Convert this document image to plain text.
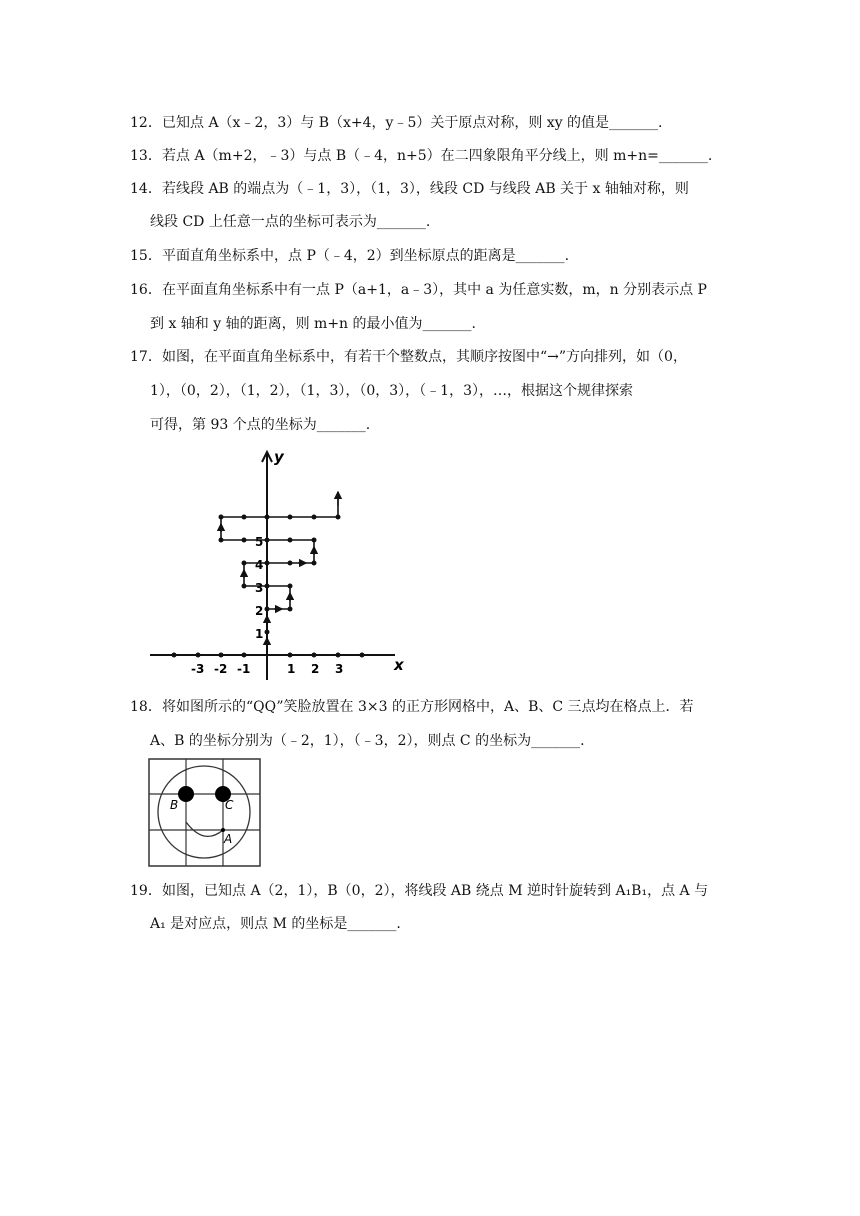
12． 已知点 A（x﹣2，3）与 B（x+4，y﹣5）关于原点对称，则 xy 的值是_______.
13． 若点 A（m+2，﹣3）与点 B（﹣4，n+5）在二四象限角平分线上，则 m+n=_______.
14． 若线段 AB 的端点为（﹣1，3），（1，3），线段 CD 与线段 AB 关于 x 轴轴对称，则
线段 CD 上任意一点的坐标可表示为_______.
15． 平面直角坐标系中，点 P（﹣4，2）到坐标原点的距离是_______.
16． 在平面直角坐标系中有一点 P（a+1，a﹣3），其中 a 为任意实数，m，n 分别表示点 P
到 x 轴和 y 轴的距离，则 m+n 的最小值为_______.
17． 如图，在平面直角坐标系中，有若干个整数点，其顺序按图中“→”方向排列，如（0，
1），（0，2），（1，2），（1，3），（0，3），（﹣1，3），…，根据这个规律探索
可得，第 93 个点的坐标为_______.
y
x
-3 -2 -1	1 2 3
1
2
3
4
5
18． 将如图所示的“QQ”笑脸放置在 3×3 的正方形网格中，A、B、C 三点均在格点上．若
A、B 的坐标分别为（﹣2，1），（﹣3，2），则点 C 的坐标为_______.
B	C
A
19． 如图，已知点 A（2，1），B（0，2），将线段 AB 绕点 M 逆时针旋转到 A₁B₁，点 A 与
A₁ 是对应点，则点 M 的坐标是_______.
